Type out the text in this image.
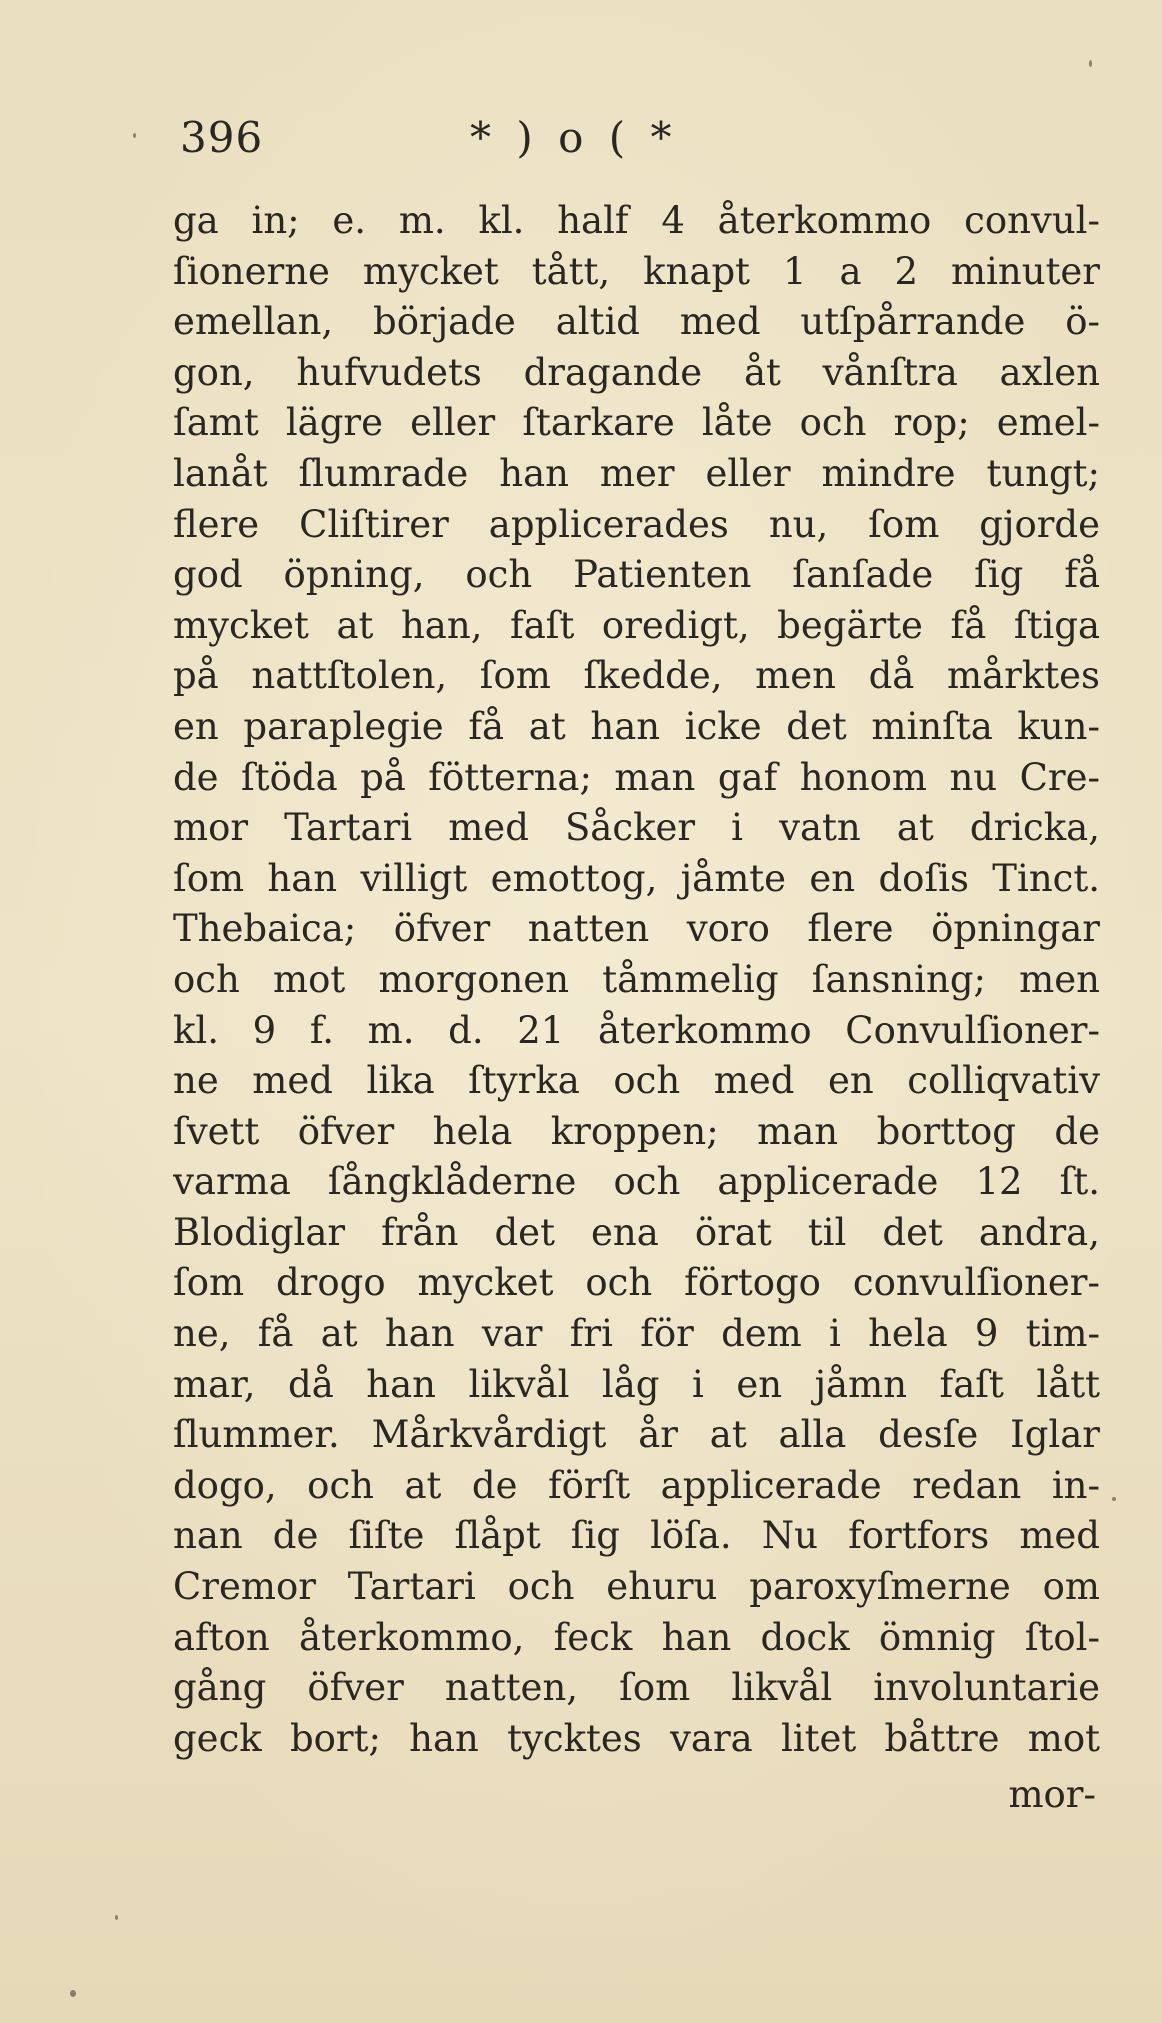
396	* ) o ( *
ga in; e. m. kl. half 4 återkommo convul-
ſionerne mycket tått, knapt 1 a 2 minuter
emellan, började altid med utſpårrande ö-
gon, hufvudets dragande åt vånſtra axlen
ſamt lägre eller ſtarkare låte och rop; emel-
lanåt ſlumrade han mer eller mindre tungt;
flere Cliſtirer applicerades nu, ſom gjorde
god öpning, och Patienten ſanſade ſig få
mycket at han, faſt oredigt, begärte få ſtiga
på nattſtolen, ſom ſkedde, men då mårktes
en paraplegie få at han icke det minſta kun-
de ſtöda på fötterna; man gaf honom nu Cre-
mor Tartari med Såcker i vatn at dricka,
ſom han villigt emottog, jåmte en doſis Tinct.
Thebaica; öfver natten voro flere öpningar
och mot morgonen tåmmelig ſansning; men
kl. 9 f. m. d. 21 återkommo Convulſioner-
ne med lika ſtyrka och med en colliqvativ
ſvett öfver hela kroppen; man borttog de
varma ſångklåderne och applicerade 12 ſt.
Blodiglar från det ena örat til det andra,
ſom drogo mycket och förtogo convulſioner-
ne, få at han var fri för dem i hela 9 tim-
mar, då han likvål låg i en jåmn faſt lått
ſlummer. Mårkvårdigt år at alla desſe Iglar
dogo, och at de förſt applicerade redan in-
nan de ſiſte ſlåpt ſig löſa. Nu fortfors med
Cremor Tartari och ehuru paroxyſmerne om
afton återkommo, feck han dock ömnig ſtol-
gång öfver natten, ſom likvål involuntarie
geck bort; han tycktes vara litet båttre mot
mor-
